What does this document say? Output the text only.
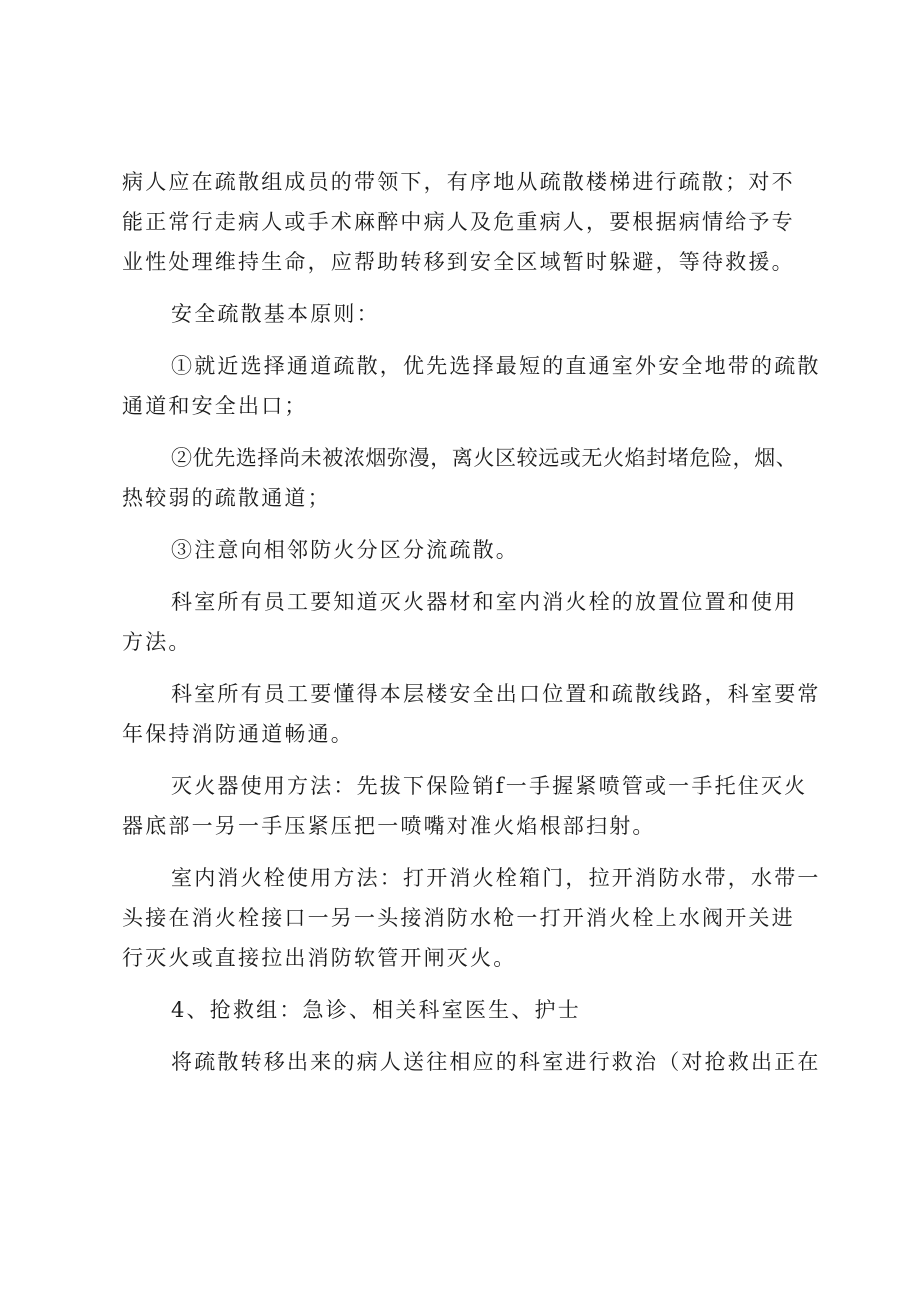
病人应在疏散组成员的带领下，有序地从疏散楼梯进行疏散；对不
能正常行走病人或手术麻醉中病人及危重病人，要根据病情给予专
业性处理维持生命，应帮助转移到安全区域暂时躲避，等待救援。
安全疏散基本原则：
①就近选择通道疏散，优先选择最短的直通室外安全地带的疏散
通道和安全出口；
②优先选择尚未被浓烟弥漫，离火区较远或无火焰封堵危险，烟、
热较弱的疏散通道；
③注意向相邻防火分区分流疏散。
科室所有员工要知道灭火器材和室内消火栓的放置位置和使用
方法。
科室所有员工要懂得本层楼安全出口位置和疏散线路，科室要常
年保持消防通道畅通。
灭火器使用方法：先拔下保险销f一手握紧喷管或一手托住灭火
器底部一另一手压紧压把一喷嘴对准火焰根部扫射。
室内消火栓使用方法：打开消火栓箱门，拉开消防水带，水带一
头接在消火栓接口一另一头接消防水枪一打开消火栓上水阀开关进
行灭火或直接拉出消防软管开闸灭火。
4、抢救组：急诊、相关科室医生、护士
将疏散转移出来的病人送往相应的科室进行救治（对抢救出正在
